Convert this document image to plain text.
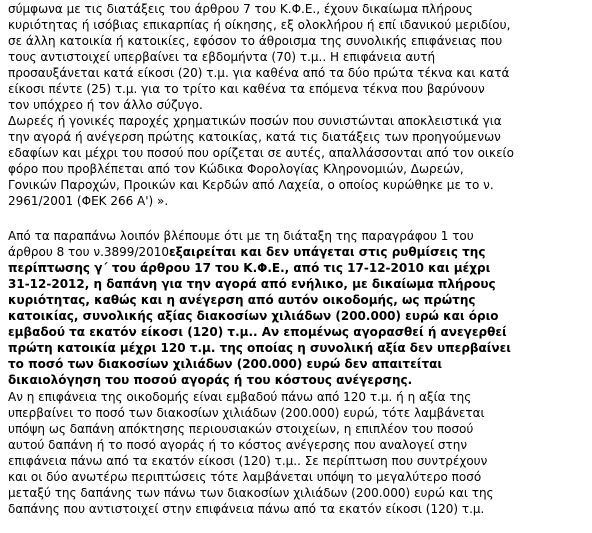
σύμφωνα με τις διατάξεις του άρθρου 7 του Κ.Φ.Ε., έχουν δικαίωμα πλήρους
κυριότητας ή ισόβιας επικαρπίας ή οίκησης, εξ ολοκλήρου ή επί ιδανικού μεριδίου,
σε άλλη κατοικία ή κατοικίες, εφόσον το άθροισμα της συνολικής επιφάνειας που
τους αντιστοιχεί υπερβαίνει τα εβδομήντα (70) τ.μ.. Η επιφάνεια αυτή
προσαυξάνεται κατά είκοσι (20) τ.μ. για καθένα από τα δύο πρώτα τέκνα και κατά
είκοσι πέντε (25) τ.μ. για το τρίτο και καθένα τα επόμενα τέκνα που βαρύνουν
τον υπόχρεο ή τον άλλο σύζυγο.
Δωρεές ή γονικές παροχές χρηματικών ποσών που συνιστώνται αποκλειστικά για
την αγορά ή ανέγερση πρώτης κατοικίας, κατά τις διατάξεις των προηγούμενων
εδαφίων και μέχρι του ποσού που ορίζεται σε αυτές, απαλλάσσονται από τον οικείο
φόρο που προβλέπεται από τον Κώδικα Φορολογίας Κληρονομιών, Δωρεών,
Γονικών Παροχών, Προικών και Κερδών από Λαχεία, ο οποίος κυρώθηκε με το ν.
2961/2001 (ΦΕΚ 266 Α') ».
Από τα παραπάνω λοιπόν βλέπουμε ότι με τη διάταξη της παραγράφου 1 του
άρθρου 8 του ν.3899/2010εξαιρείται και δεν υπάγεται στις ρυθμίσεις της
περίπτωσης γ΄ του άρθρου 17 του Κ.Φ.Ε., από τις 17-12-2010 και μέχρι
31-12-2012, η δαπάνη για την αγορά από ενήλικο, με δικαίωμα πλήρους
κυριότητας, καθώς και η ανέγερση από αυτόν οικοδομής, ως πρώτης
κατοικίας, συνολικής αξίας διακοσίων χιλιάδων (200.000) ευρώ και όριο
εμβαδού τα εκατόν είκοσι (120) τ.μ.. Αν επομένως αγορασθεί ή ανεγερθεί
πρώτη κατοικία μέχρι 120 τ.μ. της οποίας η συνολική αξία δεν υπερβαίνει
το ποσό των διακοσίων χιλιάδων (200.000) ευρώ δεν απαιτείται
δικαιολόγηση του ποσού αγοράς ή του κόστους ανέγερσης.
Αν η επιφάνεια της οικοδομής είναι εμβαδού πάνω από 120 τ.μ. ή η αξία της
υπερβαίνει το ποσό των διακοσίων χιλιάδων (200.000) ευρώ, τότε λαμβάνεται
υπόψη ως δαπάνη απόκτησης περιουσιακών στοιχείων, η επιπλέον του ποσού
αυτού δαπάνη ή το ποσό αγοράς ή το κόστος ανέγερσης που αναλογεί στην
επιφάνεια πάνω από τα εκατόν είκοσι (120) τ.μ.. Σε περίπτωση που συντρέχουν
και οι δύο ανωτέρω περιπτώσεις τότε λαμβάνεται υπόψη το μεγαλύτερο ποσό
μεταξύ της δαπάνης των πάνω των διακοσίων χιλιάδων (200.000) ευρώ και της
δαπάνης που αντιστοιχεί στην επιφάνεια πάνω από τα εκατόν είκοσι (120) τ.μ.
